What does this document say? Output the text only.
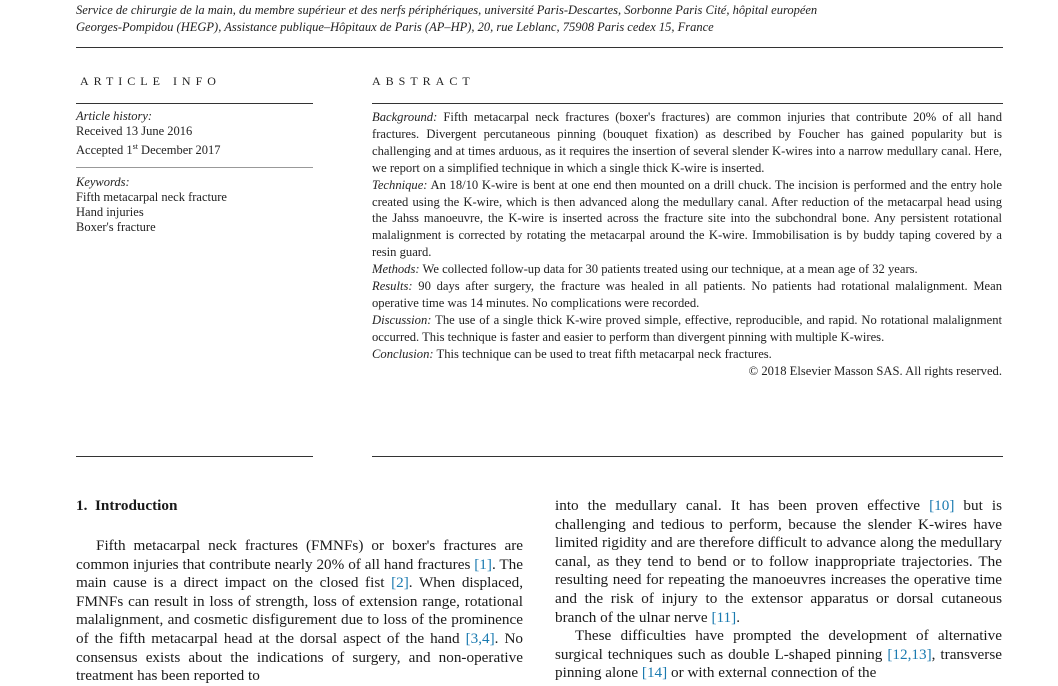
Service de chirurgie de la main, du membre supérieur et des nerfs périphériques, université Paris-Descartes, Sorbonne Paris Cité, hôpital européen
Georges-Pompidou (HEGP), Assistance publique–Hôpitaux de Paris (AP–HP), 20, rue Leblanc, 75908 Paris cedex 15, France
ARTICLE INFO
Article history:
Received 13 June 2016
Accepted 1st December 2017
Keywords:
Fifth metacarpal neck fracture
Hand injuries
Boxer's fracture
ABSTRACT

Background: Fifth metacarpal neck fractures (boxer's fractures) are common injuries that contribute 20% of all hand fractures. Divergent percutaneous pinning (bouquet fixation) as described by Foucher has gained popularity but is challenging and at times arduous, as it requires the insertion of several slender K-wires into a narrow medullary canal. Here, we report on a simplified technique in which a single thick K-wire is inserted.

Technique: An 18/10 K-wire is bent at one end then mounted on a drill chuck. The incision is performed and the entry hole created using the K-wire, which is then advanced along the medullary canal. After reduction of the metacarpal head using the Jahss manoeuvre, the K-wire is inserted across the fracture site into the subchondral bone. Any persistent rotational malalignment is corrected by rotating the metacarpal around the K-wire. Immobilisation is by buddy taping covered by a resin guard.

Methods: We collected follow-up data for 30 patients treated using our technique, at a mean age of 32 years.

Results: 90 days after surgery, the fracture was healed in all patients. No patients had rotational malalignment. Mean operative time was 14 minutes. No complications were recorded.

Discussion: The use of a single thick K-wire proved simple, effective, reproducible, and rapid. No rotational malalignment occurred. This technique is faster and easier to perform than divergent pinning with multiple K-wires.

Conclusion: This technique can be used to treat fifth metacarpal neck fractures.

© 2018 Elsevier Masson SAS. All rights reserved.

1.  Introduction

Fifth metacarpal neck fractures (FMNFs) or boxer's fractures are common injuries that contribute nearly 20% of all hand fractures [1]. The main cause is a direct impact on the closed fist [2]. When displaced, FMNFs can result in loss of strength, loss of extension range, rotational malalignment, and cosmetic disfigurement due to loss of the prominence of the fifth metacarpal head at the dorsal aspect of the hand [3,4]. No consensus exists about the indications of surgery, and non-operative treatment has been reported to

into the medullary canal. It has been proven effective [10] but is challenging and tedious to perform, because the slender K-wires have limited rigidity and are therefore difficult to advance along the medullary canal, as they tend to bend or to follow inappropriate trajectories. The resulting need for repeating the manoeuvres increases the operative time and the risk of injury to the extensor apparatus or dorsal cutaneous branch of the ulnar nerve [11].

These difficulties have prompted the development of alternative surgical techniques such as double L-shaped pinning [12,13], transverse pinning alone [14] or with external connection of the
